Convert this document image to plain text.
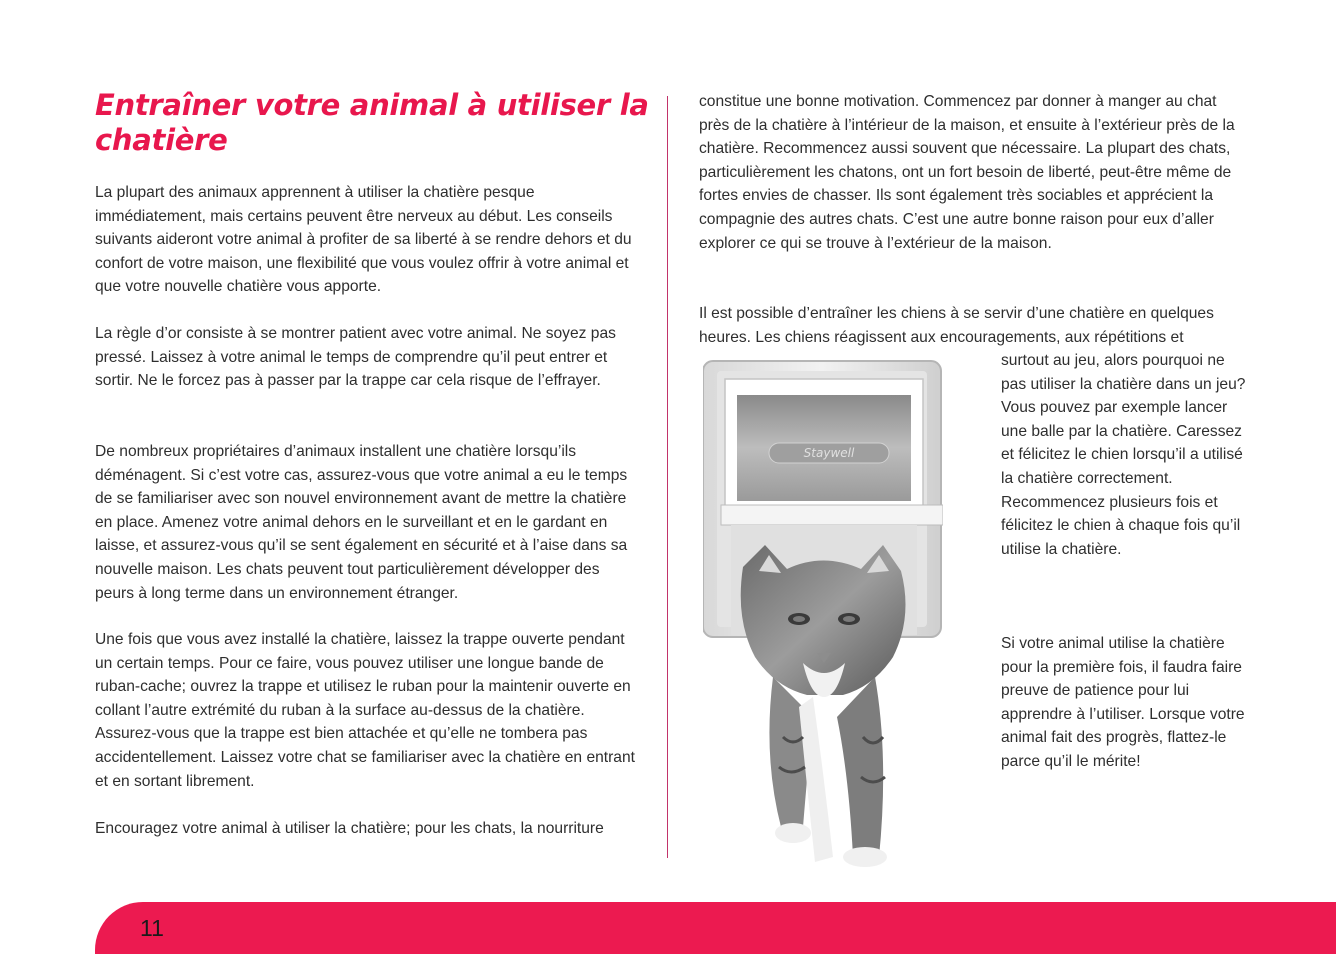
Entraîner votre animal à utiliser la chatière

La plupart des animaux apprennent à utiliser la chatière pesque immédiatement, mais certains peuvent être nerveux au début. Les conseils suivants aideront votre animal à profiter de sa liberté à se rendre dehors et du confort de votre maison, une flexibilité que vous voulez offrir à votre animal et que votre nouvelle chatière vous apporte.

La règle d’or consiste à se montrer patient avec votre animal. Ne soyez pas pressé. Laissez à votre animal le temps de comprendre qu’il peut entrer et sortir. Ne le forcez pas à passer par la trappe car cela risque de l’effrayer.

De nombreux propriétaires d’animaux installent une chatière lorsqu’ils déménagent. Si c’est votre cas, assurez-vous que votre animal a eu le temps de se familiariser avec son nouvel environnement avant de mettre la chatière en place. Amenez votre animal dehors en le surveillant et en le gardant en laisse, et assurez-vous qu’il se sent également en sécurité et à l’aise dans sa nouvelle maison. Les chats peuvent tout particulièrement développer des peurs à long terme dans un environnement étranger.

Une fois que vous avez installé la chatière, laissez la trappe ouverte pendant un certain temps. Pour ce faire, vous pouvez utiliser une longue bande de ruban-cache; ouvrez la trappe et utilisez le ruban pour la maintenir ouverte en collant l’autre extrémité du ruban à la surface au-dessus de la chatière. Assurez-vous que la trappe est bien attachée et qu’elle ne tombera pas accidentellement. Laissez votre chat se familiariser avec la chatière en entrant et en sortant librement.

Encouragez votre animal à utiliser la chatière; pour les chats, la nourriture

constitue une bonne motivation. Commencez par donner à manger au chat près de la chatière à l’intérieur de la maison, et ensuite à l’extérieur près de la chatière. Recommencez aussi souvent que nécessaire. La plupart des chats, particulièrement les chatons, ont un fort besoin de liberté, peut-être même de fortes envies de chasser. Ils sont également très sociables et apprécient la compagnie des autres chats. C’est une autre bonne raison pour eux d’aller explorer ce qui se trouve à l’extérieur de la maison.

Il est possible d’entraîner les chiens à se servir d’une chatière en quelques heures. Les chiens réagissent aux encouragements, aux répétitions et

surtout au jeu, alors pourquoi ne pas utiliser la chatière dans un jeu? Vous pouvez par exemple lancer une balle par la chatière. Caressez et félicitez le chien lorsqu’il a utilisé la chatière correctement. Recommencez plusieurs fois et félicitez le chien à chaque fois qu’il utilise la chatière.

Si votre animal utilise la chatière pour la première fois, il faudra faire preuve de patience pour lui apprendre à l’utiliser. Lorsque votre animal fait des progrès, flattez-le parce qu’il le mérite!

Staywell
11
